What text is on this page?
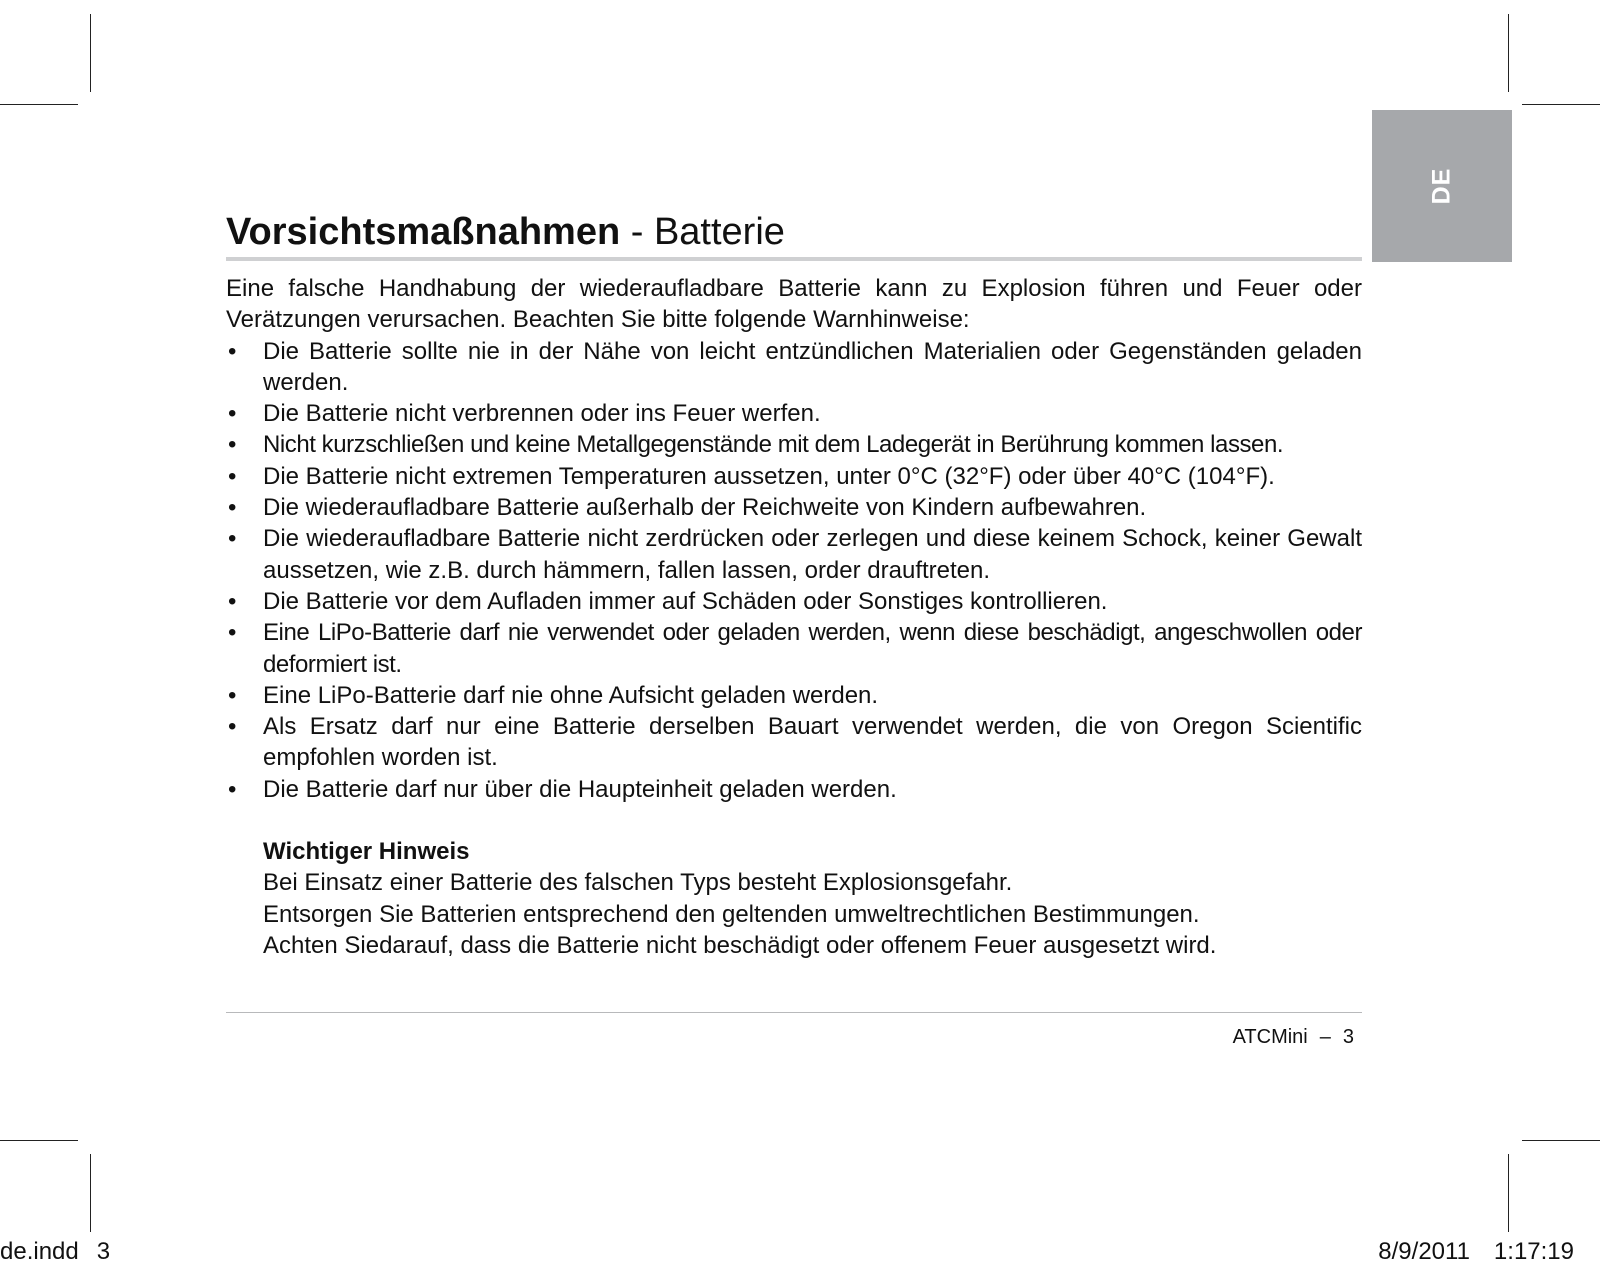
DE
Vorsichtsmaßnahmen - Batterie

Eine falsche Handhabung der wiederaufladbare Batterie kann zu Explosion führen und Feuer oder Verätzungen verursachen. Beachten Sie bitte folgende Warnhinweise:

• Die Batterie sollte nie in der Nähe von leicht entzündlichen Materialien oder Gegenständen geladen werden.
• Die Batterie nicht verbrennen oder ins Feuer werfen.
• Nicht kurzschließen und keine Metallgegenstände mit dem Ladegerät in Berührung kommen lassen.
• Die Batterie nicht extremen Temperaturen aussetzen, unter 0°C (32°F) oder über 40°C (104°F).
• Die wiederaufladbare Batterie außerhalb der Reichweite von Kindern aufbewahren.
• Die wiederaufladbare Batterie nicht zerdrücken oder zerlegen und diese keinem Schock, keiner Gewalt aussetzen, wie z.B. durch hämmern, fallen lassen, order drauftreten.
• Die Batterie vor dem Aufladen immer auf Schäden oder Sonstiges kontrollieren.
• Eine LiPo-Batterie darf nie verwendet oder geladen werden, wenn diese beschädigt, angeschwollen oder deformiert ist.
• Eine LiPo-Batterie darf nie ohne Aufsicht geladen werden.
• Als Ersatz darf nur eine Batterie derselben Bauart verwendet werden, die von Oregon Scientific empfohlen worden ist.
• Die Batterie darf nur über die Haupteinheit geladen werden.
Wichtiger Hinweis

Bei Einsatz einer Batterie des falschen Typs besteht Explosionsgefahr.

Entsorgen Sie Batterien entsprechend den geltenden umweltrechtlichen Bestimmungen.

Achten Siedarauf, dass die Batterie nicht beschädigt oder offenem Feuer ausgesetzt wird.

ATCMini – 3
de.indd 3	8/9/2011 1:17:19
